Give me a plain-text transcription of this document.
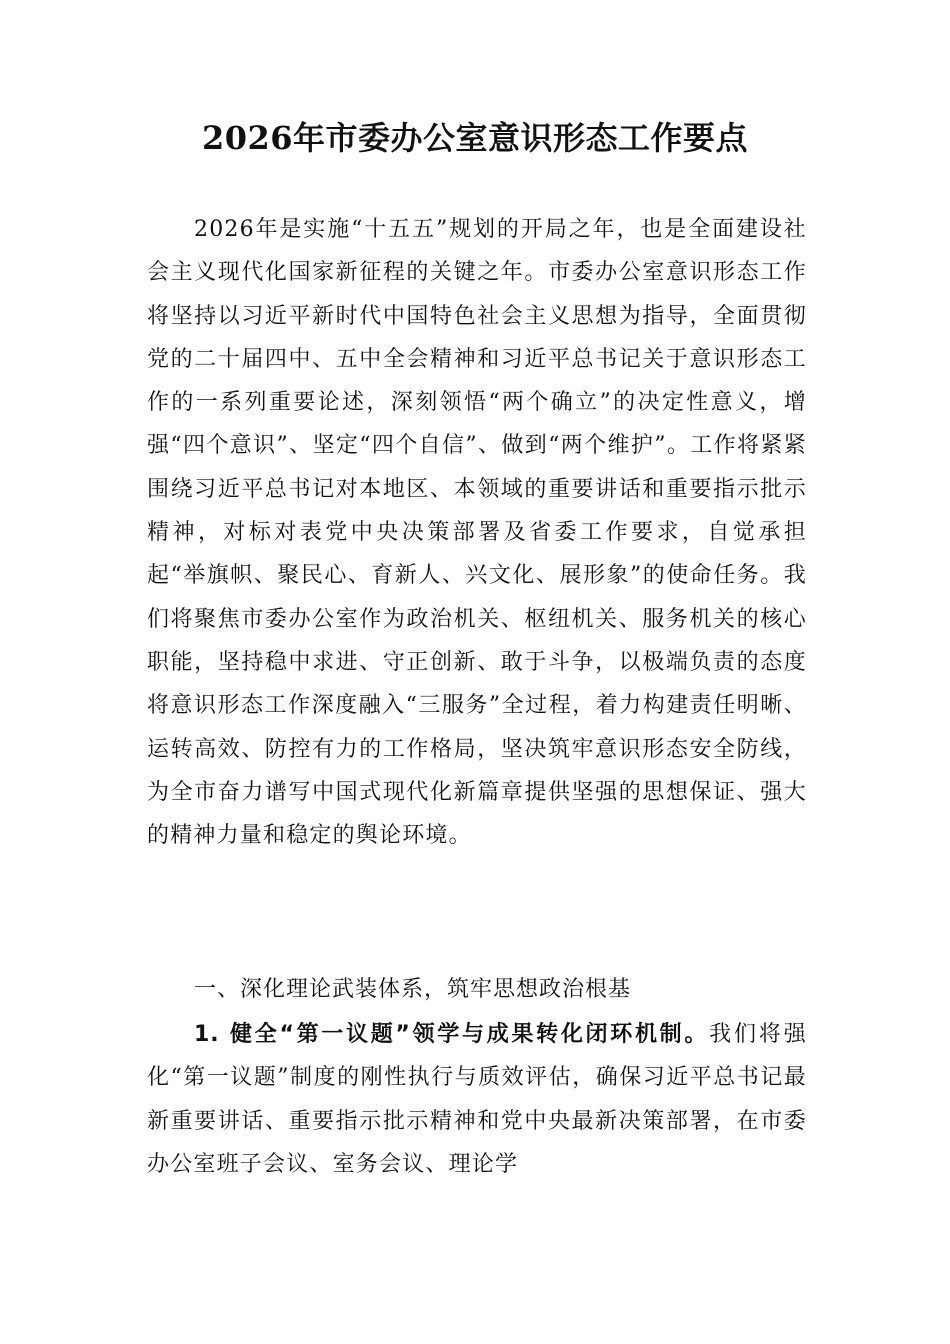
2026年市委办公室意识形态工作要点

2026年是实施“十五五”规划的开局之年，也是全面建设社会主义现代化国家新征程的关键之年。市委办公室意识形态工作将坚持以习近平新时代中国特色社会主义思想为指导，全面贯彻党的二十届四中、五中全会精神和习近平总书记关于意识形态工作的一系列重要论述，深刻领悟“两个确立”的决定性意义，增强“四个意识”、坚定“四个自信”、做到“两个维护”。工作将紧紧围绕习近平总书记对本地区、本领域的重要讲话和重要指示批示精神，对标对表党中央决策部署及省委工作要求，自觉承担起“举旗帜、聚民心、育新人、兴文化、展形象”的使命任务。我们将聚焦市委办公室作为政治机关、枢纽机关、服务机关的核心职能，坚持稳中求进、守正创新、敢于斗争，以极端负责的态度将意识形态工作深度融入“三服务”全过程，着力构建责任明晰、运转高效、防控有力的工作格局，坚决筑牢意识形态安全防线，为全市奋力谱写中国式现代化新篇章提供坚强的思想保证、强大的精神力量和稳定的舆论环境。

一、深化理论武装体系，筑牢思想政治根基

1. 健全“第一议题”领学与成果转化闭环机制。我们将强化“第一议题”制度的刚性执行与质效评估，确保习近平总书记最新重要讲话、重要指示批示精神和党中央最新决策部署，在市委办公室班子会议、室务会议、理论学
